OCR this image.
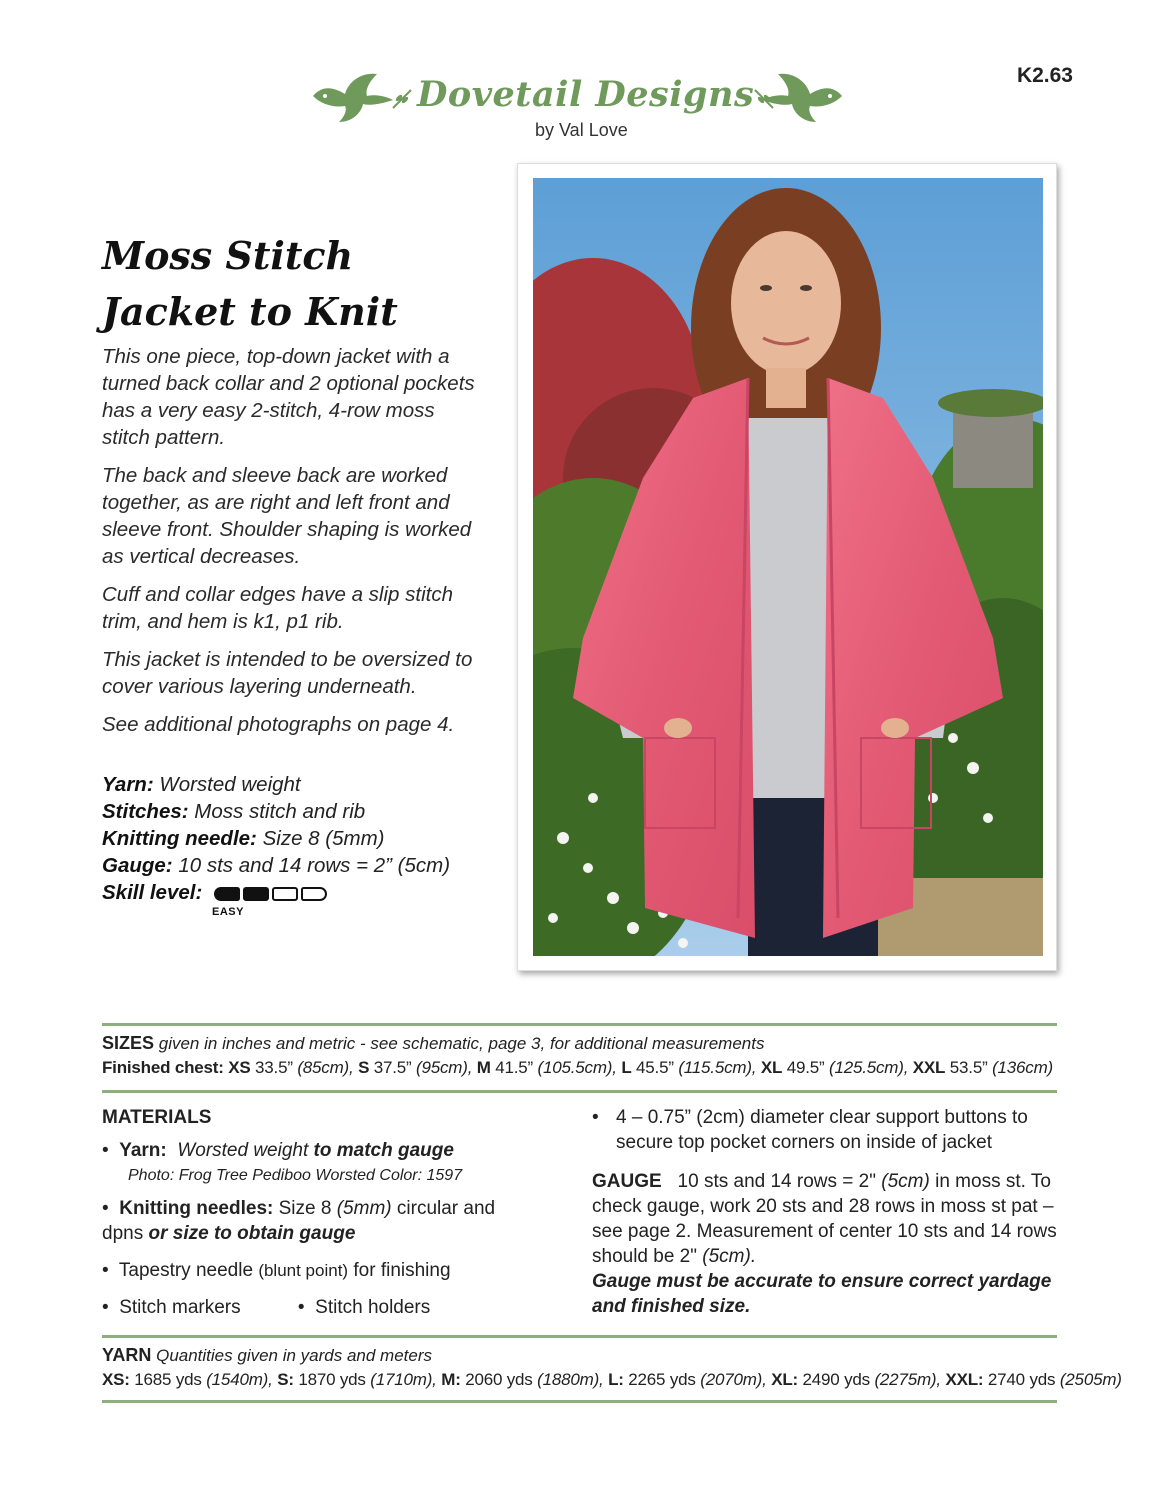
Dovetail Designs
by Val Love
K2.63
Moss Stitch
Jacket to Knit

This one piece, top-down jacket with a turned back collar and 2 optional pockets has a very easy 2-stitch, 4-row moss stitch pattern.

The back and sleeve back are worked together, as are right and left front and sleeve front. Shoulder shaping is worked as vertical decreases.

Cuff and collar edges have a slip stitch trim, and hem is k1, p1 rib.

This jacket is intended to be oversized to cover various layering underneath.

See additional photographs on page 4.

Yarn: Worsted weight
Stitches: Moss stitch and rib
Knitting needle: Size 8 (5mm)
Gauge: 10 sts and 14 rows = 2” (5cm)
Skill level:
EASY
SIZES given in inches and metric - see schematic, page 3, for additional measurements
Finished chest: XS 33.5” (85cm), S 37.5” (95cm), M 41.5” (105.5cm), L 45.5” (115.5cm), XL 49.5” (125.5cm), XXL 53.5” (136cm)
MATERIALS
•  Yarn: Worsted weight to match gauge
Photo: Frog Tree Pediboo Worsted Color: 1597
•  Knitting needles: Size 8 (5mm) circular and dpns or size to obtain gauge
•  Tapestry needle (blunt point) for finishing
•  Stitch markers	•  Stitch holders
• 4 – 0.75” (2cm) diameter clear support buttons to secure top pocket corners on inside of jacket
GAUGE 10 sts and 14 rows = 2" (5cm) in moss st. To check gauge, work 20 sts and 28 rows in moss st pat – see page 2. Measurement of center 10 sts and 14 rows should be 2" (5cm).
Gauge must be accurate to ensure correct yardage and finished size.
YARN Quantities given in yards and meters
XS: 1685 yds (1540m), S: 1870 yds (1710m), M: 2060 yds (1880m), L: 2265 yds (2070m), XL: 2490 yds (2275m), XXL: 2740 yds (2505m)
